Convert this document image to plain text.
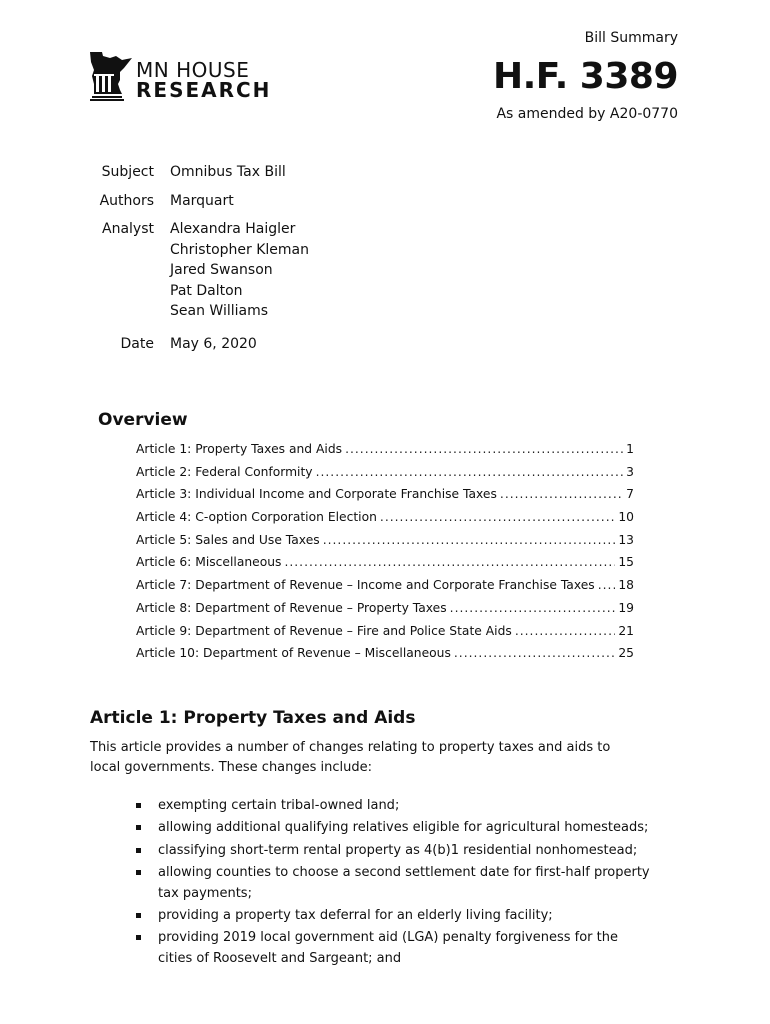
MN HOUSE
RESEARCH
Bill Summary
H.F. 3389
As amended by A20-0770
Subject	Omnibus Tax Bill
Authors	Marquart
Analyst	Alexandra Haigler
Christopher Kleman
Jared Swanson
Pat Dalton
Sean Williams
Date	May 6, 2020
Overview
Article 1: Property Taxes and Aids .....	1
Article 2: Federal Conformity .....	3
Article 3: Individual Income and Corporate Franchise Taxes .....	7
Article 4: C-option Corporation Election .....	10
Article 5: Sales and Use Taxes .....	13
Article 6: Miscellaneous .....	15
Article 7: Department of Revenue – Income and Corporate Franchise Taxes ..... 18
Article 8: Department of Revenue – Property Taxes .....	19
Article 9: Department of Revenue – Fire and Police State Aids .....	21
Article 10: Department of Revenue – Miscellaneous .....	25
Article 1: Property Taxes and Aids
This article provides a number of changes relating to property taxes and aids to local governments. These changes include:
exempting certain tribal-owned land;
allowing additional qualifying relatives eligible for agricultural homesteads;
classifying short-term rental property as 4(b)1 residential nonhomestead;
allowing counties to choose a second settlement date for first-half property tax payments;
providing a property tax deferral for an elderly living facility;
providing 2019 local government aid (LGA) penalty forgiveness for the cities of Roosevelt and Sargeant; and
